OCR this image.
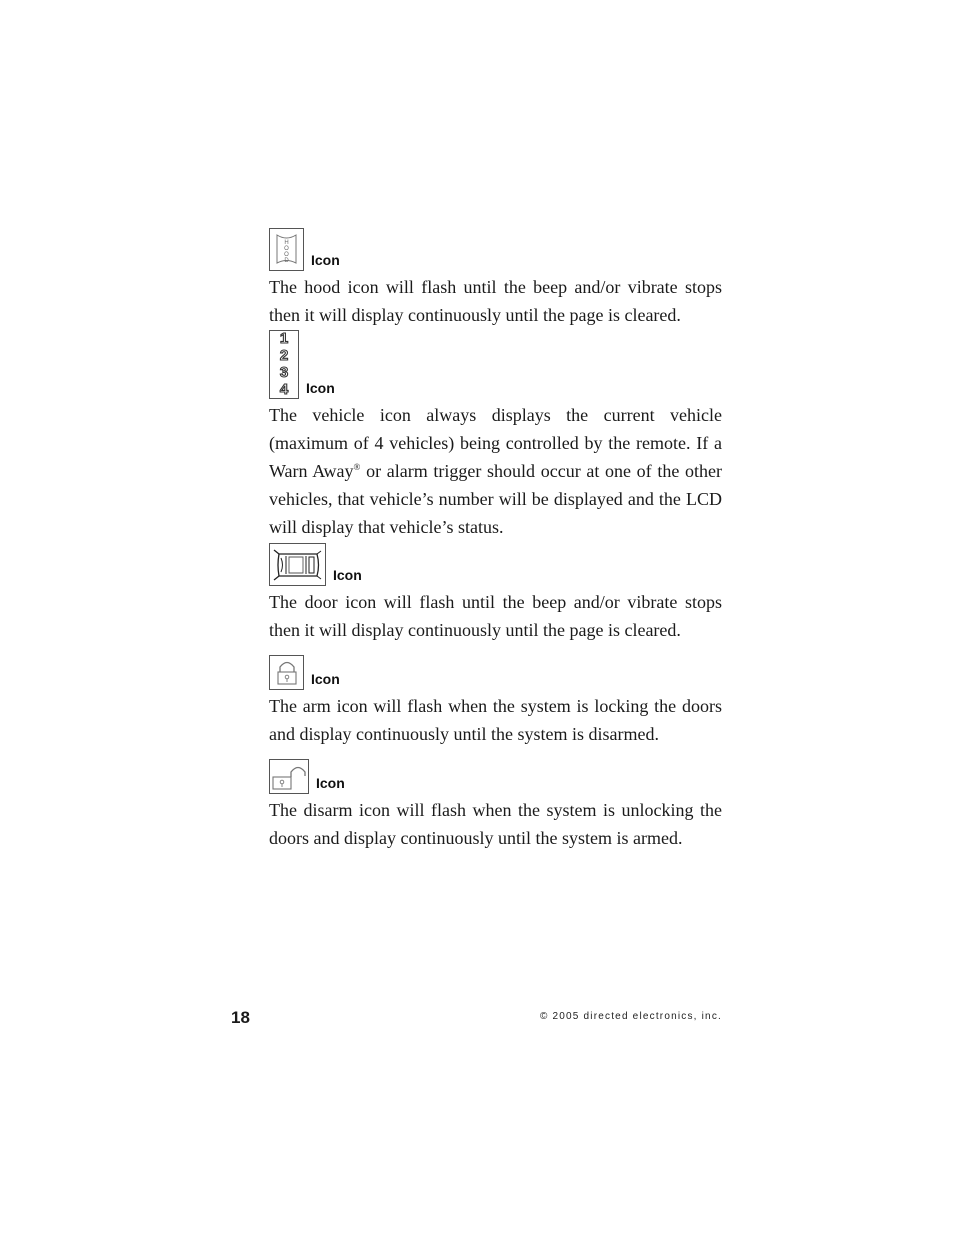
H
O
O
D Icon

The hood icon will flash until the beep and/or vibrate stops then it will display continuously until the page is cleared.

1
2
3
4 Icon

The vehicle icon always displays the current vehicle (maximum of 4 vehicles) being controlled by the remote. If a Warn Away® or alarm trigger should occur at one of the other vehicles, that vehicle’s number will be displayed and the LCD will display that vehicle’s status.

Icon

The door icon will flash until the beep and/or vibrate stops then it will display continuously until the page is cleared.

Icon

The arm icon will flash when the system is locking the doors and display continuously until the system is disarmed.

Icon

The disarm icon will flash when the system is unlocking the doors and display continuously until the system is armed.

18	© 2005 directed electronics, inc.
